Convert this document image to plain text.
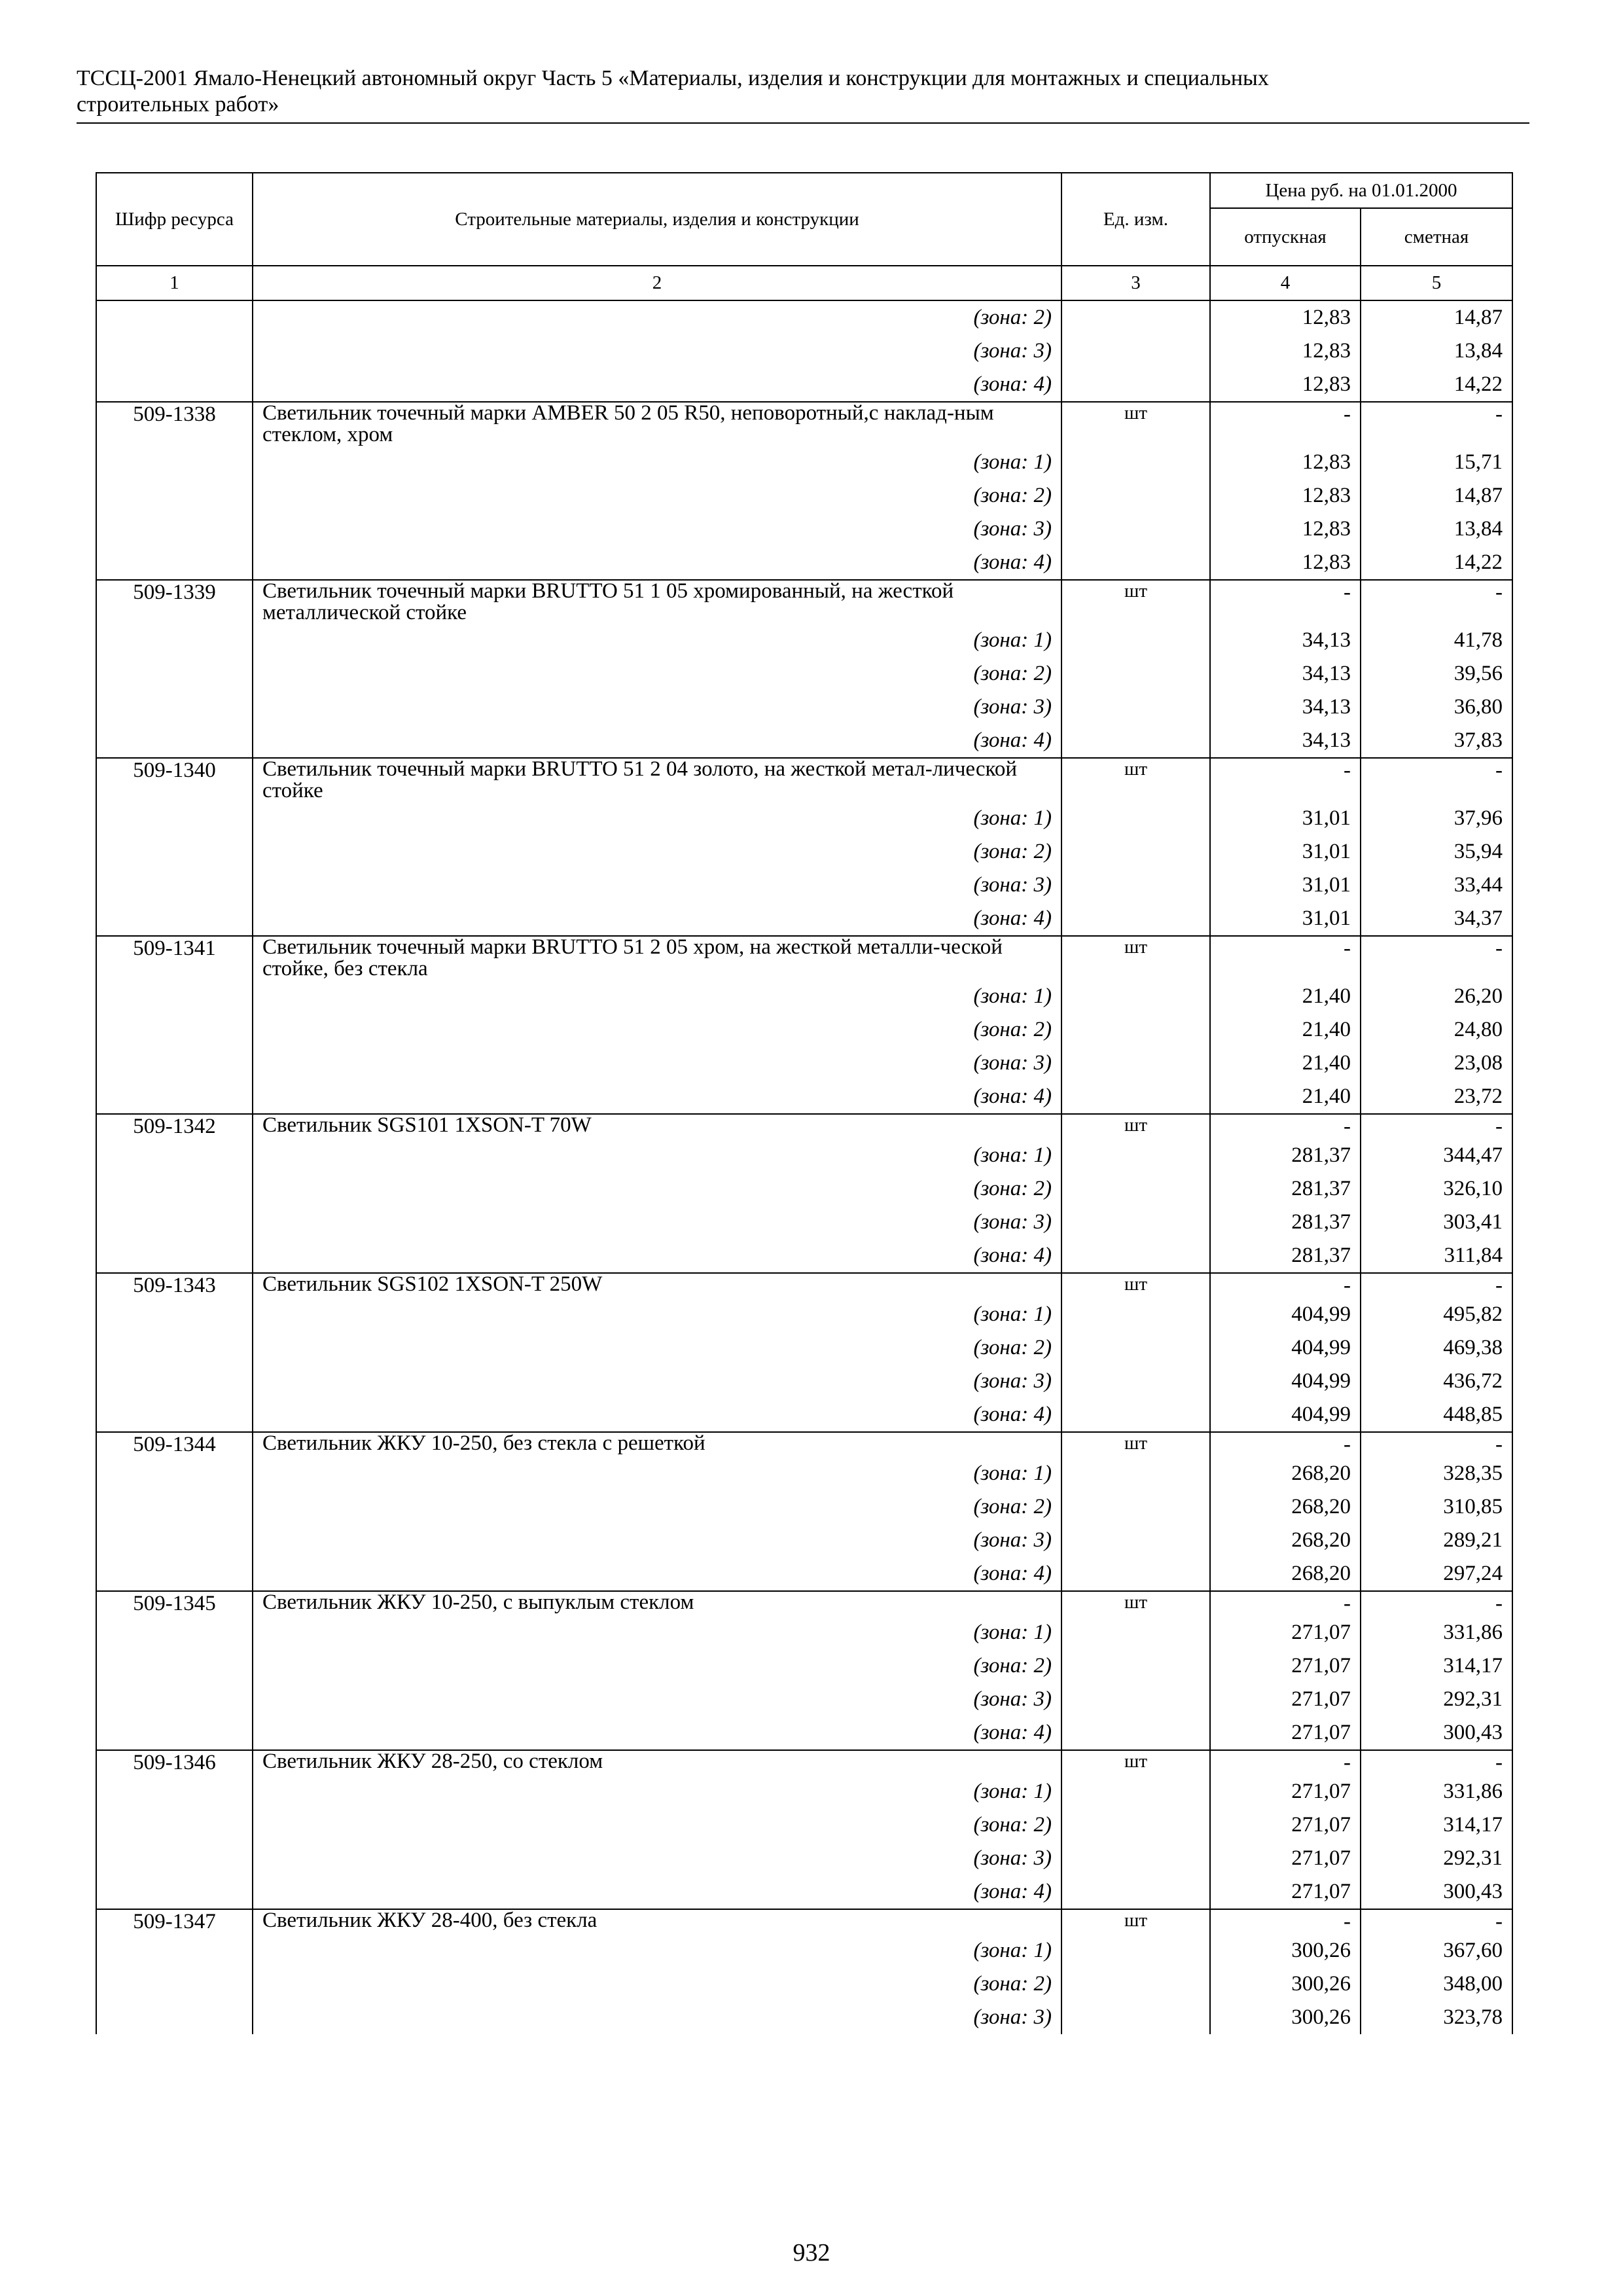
ТССЦ-2001 Ямало-Ненецкий автономный округ Часть 5 «Материалы, изделия и конструкции для монтажных и специальных
строительных работ»
Шифр ресурса	Строительные материалы, изделия и конструкции	Ед. изм.	Цена руб. на 01.01.2000	
			отпускная	сметная
1	2	3	4	5
	(зона: 2)		12,83	14,87
	(зона: 3)		12,83	13,84
	(зона: 4)		12,83	14,22
509-1338	Светильник точечный марки AMBER 50 2 05 R50, неповоротный,с наклад-ным стеклом, хром	шт	-	-
	(зона: 1)		12,83	15,71
	(зона: 2)		12,83	14,87
	(зона: 3)		12,83	13,84
	(зона: 4)		12,83	14,22
509-1339	Светильник точечный марки BRUTTO 51 1 05 хромированный, на жесткой металлической стойке	шт	-	-
	(зона: 1)		34,13	41,78
	(зона: 2)		34,13	39,56
	(зона: 3)		34,13	36,80
	(зона: 4)		34,13	37,83
509-1340	Светильник точечный марки BRUTTO 51 2 04 золото, на жесткой метал-лической стойке	шт	-	-
	(зона: 1)		31,01	37,96
	(зона: 2)		31,01	35,94
	(зона: 3)		31,01	33,44
	(зона: 4)		31,01	34,37
509-1341	Светильник точечный марки BRUTTO 51 2 05 хром, на жесткой металли-ческой стойке, без стекла	шт	-	-
	(зона: 1)		21,40	26,20
	(зона: 2)		21,40	24,80
	(зона: 3)		21,40	23,08
	(зона: 4)		21,40	23,72
509-1342	Светильник SGS101 1XSON-T 70W	шт	-	-
	(зона: 1)		281,37	344,47
	(зона: 2)		281,37	326,10
	(зона: 3)		281,37	303,41
	(зона: 4)		281,37	311,84
509-1343	Светильник SGS102 1XSON-T 250W	шт	-	-
	(зона: 1)		404,99	495,82
	(зона: 2)		404,99	469,38
	(зона: 3)		404,99	436,72
	(зона: 4)		404,99	448,85
509-1344	Светильник ЖКУ 10-250, без стекла с решеткой	шт	-	-
	(зона: 1)		268,20	328,35
	(зона: 2)		268,20	310,85
	(зона: 3)		268,20	289,21
	(зона: 4)		268,20	297,24
509-1345	Светильник ЖКУ 10-250, с выпуклым стеклом	шт	-	-
	(зона: 1)		271,07	331,86
	(зона: 2)		271,07	314,17
	(зона: 3)		271,07	292,31
	(зона: 4)		271,07	300,43
509-1346	Светильник ЖКУ 28-250, со стеклом	шт	-	-
	(зона: 1)		271,07	331,86
	(зона: 2)		271,07	314,17
	(зона: 3)		271,07	292,31
	(зона: 4)		271,07	300,43
509-1347	Светильник ЖКУ 28-400, без стекла	шт	-	-
	(зона: 1)		300,26	367,60
	(зона: 2)		300,26	348,00
	(зона: 3)		300,26	323,78
932
